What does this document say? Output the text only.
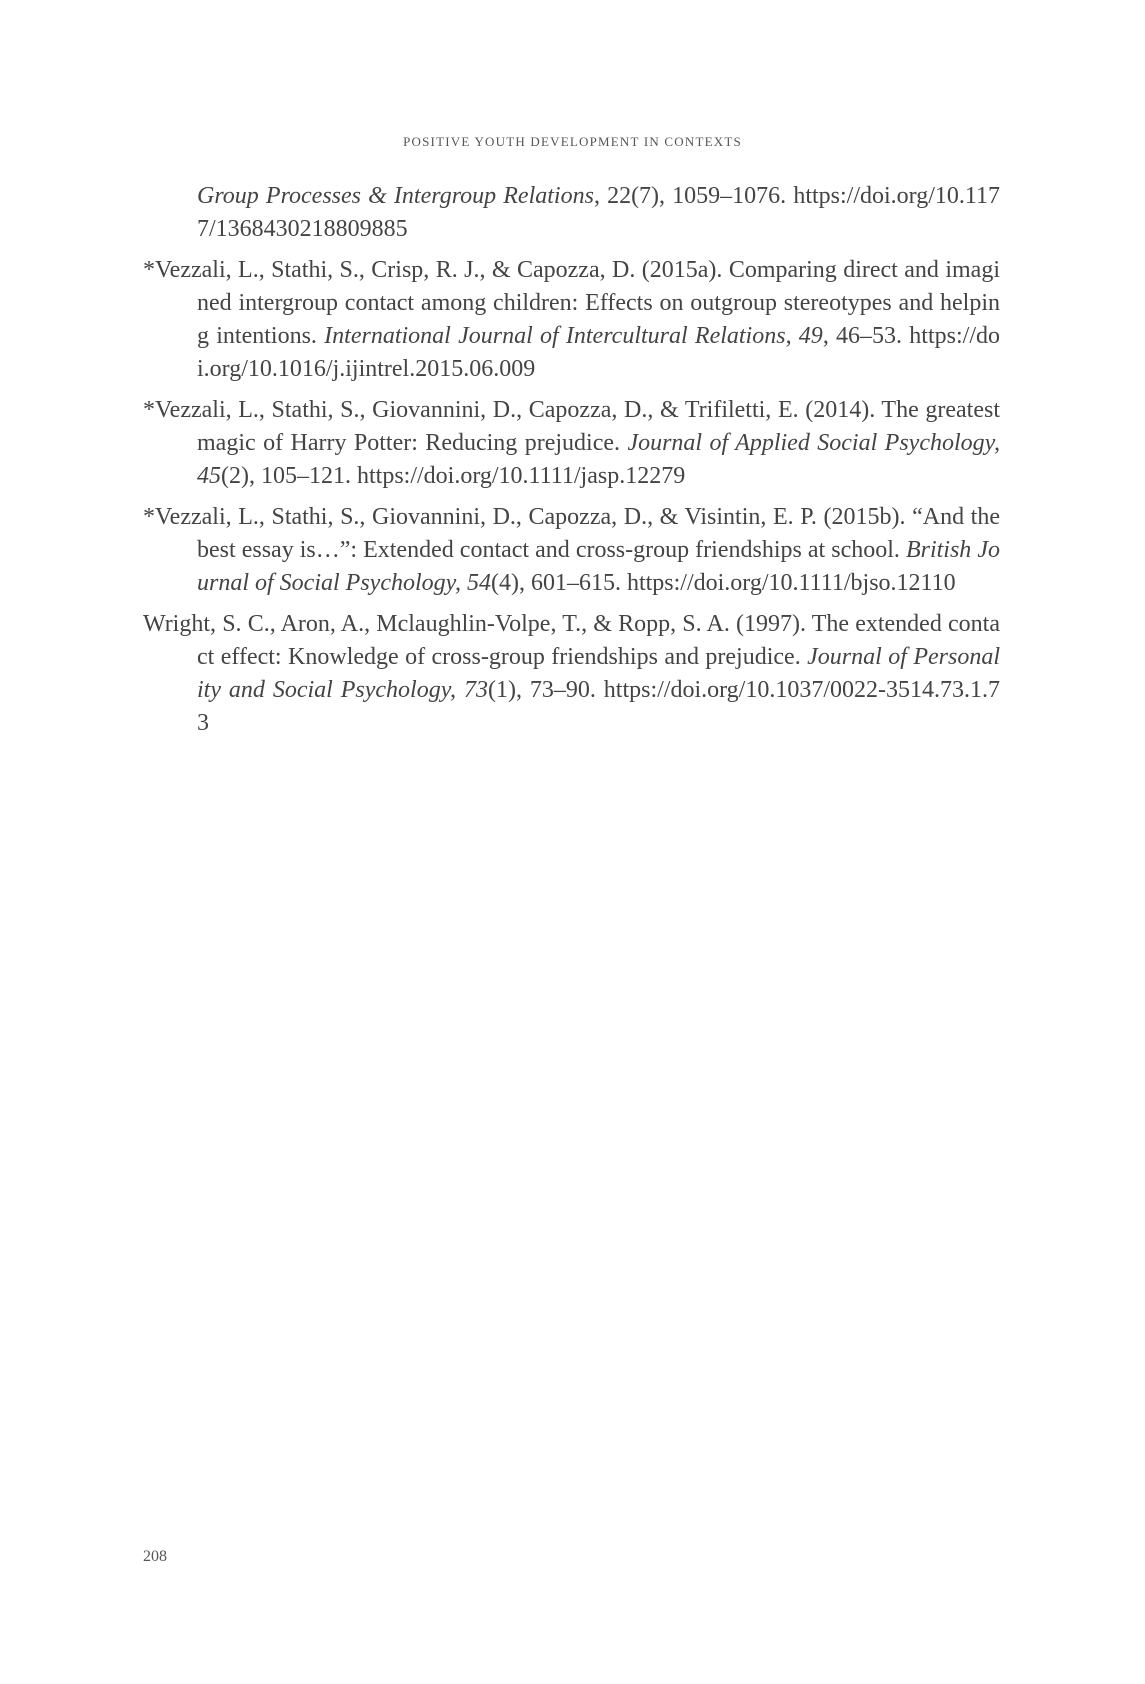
POSITIVE YOUTH DEVELOPMENT IN CONTEXTS

Group Processes & Intergroup Relations, 22(7), 1059–1076. https://doi.org/10.1177/1368430218809885

*Vezzali, L., Stathi, S., Crisp, R. J., & Capozza, D. (2015a). Comparing direct and imagined intergroup contact among children: Effects on outgroup stereotypes and helping intentions. International Journal of Intercultural Relations, 49, 46–53. https://doi.org/10.1016/j.ijintrel.2015.06.009

*Vezzali, L., Stathi, S., Giovannini, D., Capozza, D., & Trifiletti, E. (2014). The greatest magic of Harry Potter: Reducing prejudice. Journal of Applied Social Psychology, 45(2), 105–121. https://doi.org/10.1111/jasp.12279

*Vezzali, L., Stathi, S., Giovannini, D., Capozza, D., & Visintin, E. P. (2015b). “And the best essay is…”: Extended contact and cross-group friendships at school. British Journal of Social Psychology, 54(4), 601–615. https://doi.org/10.1111/bjso.12110

Wright, S. C., Aron, A., Mclaughlin-Volpe, T., & Ropp, S. A. (1997). The extended contact effect: Knowledge of cross-group friendships and prejudice. Journal of Personality and Social Psychology, 73(1), 73–90. https://doi.org/10.1037/0022-3514.73.1.73

208
